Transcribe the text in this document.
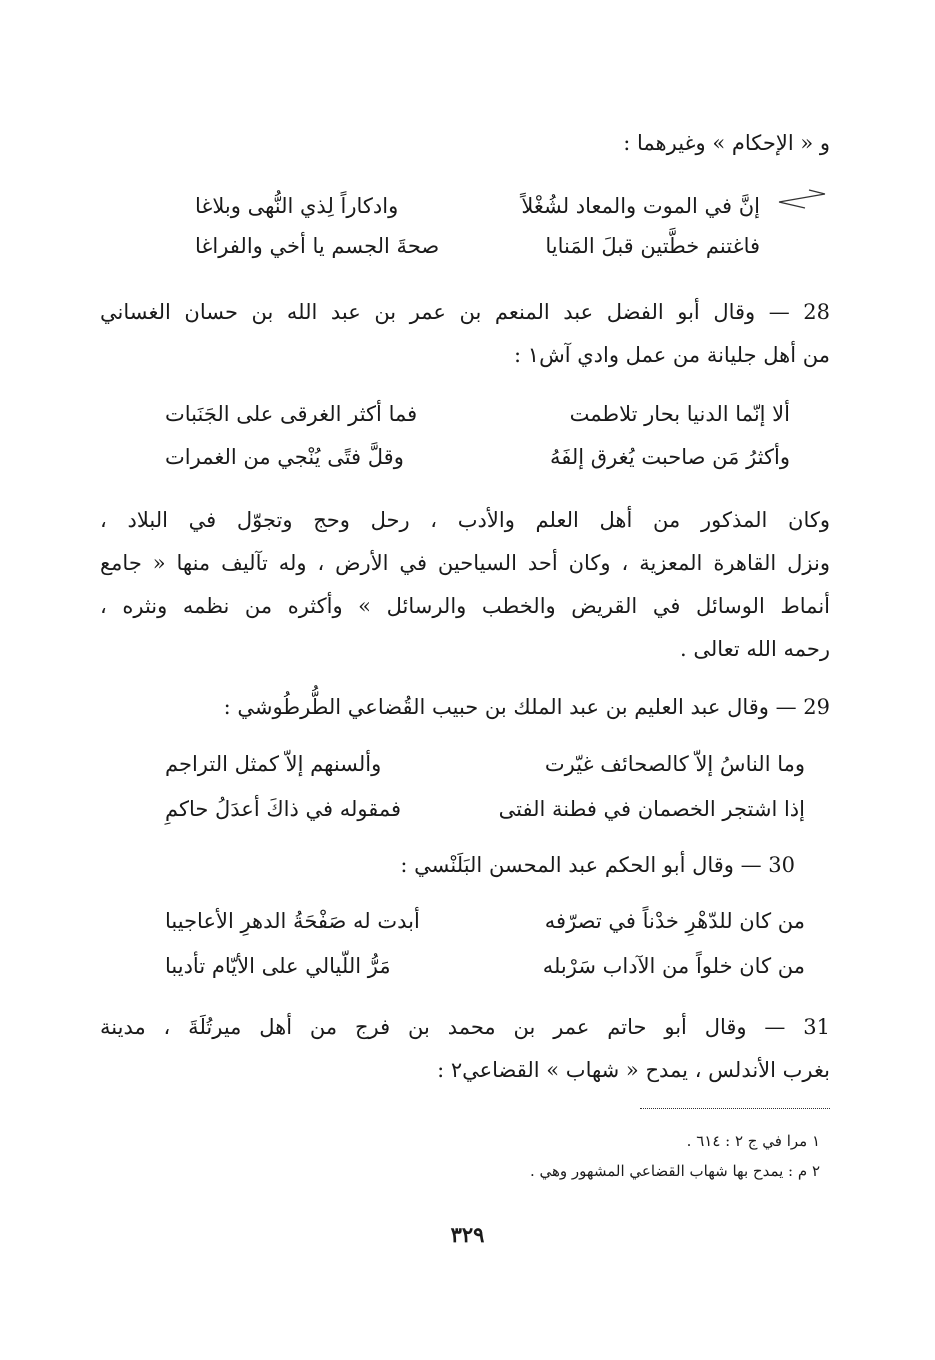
و « الإحكام » وغيرهما :
إنَّ في الموت والمعاد لشُغْلاً
وادكاراً لِذي النُّهى وبلاغا
فاغتنم خطَّتين قبلَ المَنايا
صحةَ الجسم يا أخي والفراغا
28 — وقال أبو الفضل عبد المنعم بن عمر بن عبد الله بن حسان الغساني
من أهل جليانة من عمل وادي آش١ :
ألا إنّما الدنيا بحار تلاطمت
فما أكثر الغرقى على الجَنَبات
وأكثرُ مَن صاحبت يُغرق إلفَهُ
وقلَّ فتًى يُنْجي من الغمرات
وكان المذكور من أهل العلم والأدب ، رحل وحج وتجوّل في البلاد ،
ونزل القاهرة المعزية ، وكان أحد السياحين في الأرض ، وله تآليف منها « جامع
أنماط الوسائل في القريض والخطب والرسائل » وأكثره من نظمه ونثره ،
رحمه الله تعالى .
29 — وقال عبد العليم بن عبد الملك بن حبيب القُضاعي الطُّرطُوشي :
وما الناسُ إلاّ كالصحائف غيّرت
وألسنهم إلاّ كمثل التراجم
إذا اشتجر الخصمان في فطنة الفتى
فمقوله في ذاكَ أعدَلُ حاكمِ
30 — وقال أبو الحكم عبد المحسن البَلَنْسي :
من كان للدّهْرِ خدْناً في تصرّفه
أبدت له صَفْحَةُ الدهرِ الأعاجيبا
من كان خلواً من الآداب سَرْبله
مَرُّ اللّيالي على الأيّام تأديبا
31 — وقال أبو حاتم عمر بن محمد بن فرج من أهل ميرتُلَةَ ، مدينة
بغرب الأندلس ، يمدح « شهاب » القضاعي٢ :
١ مرا في ج ٢ : ٦١٤ .
٢ م : يمدح بها شهاب القضاعي المشهور وهي .
٣٢٩
